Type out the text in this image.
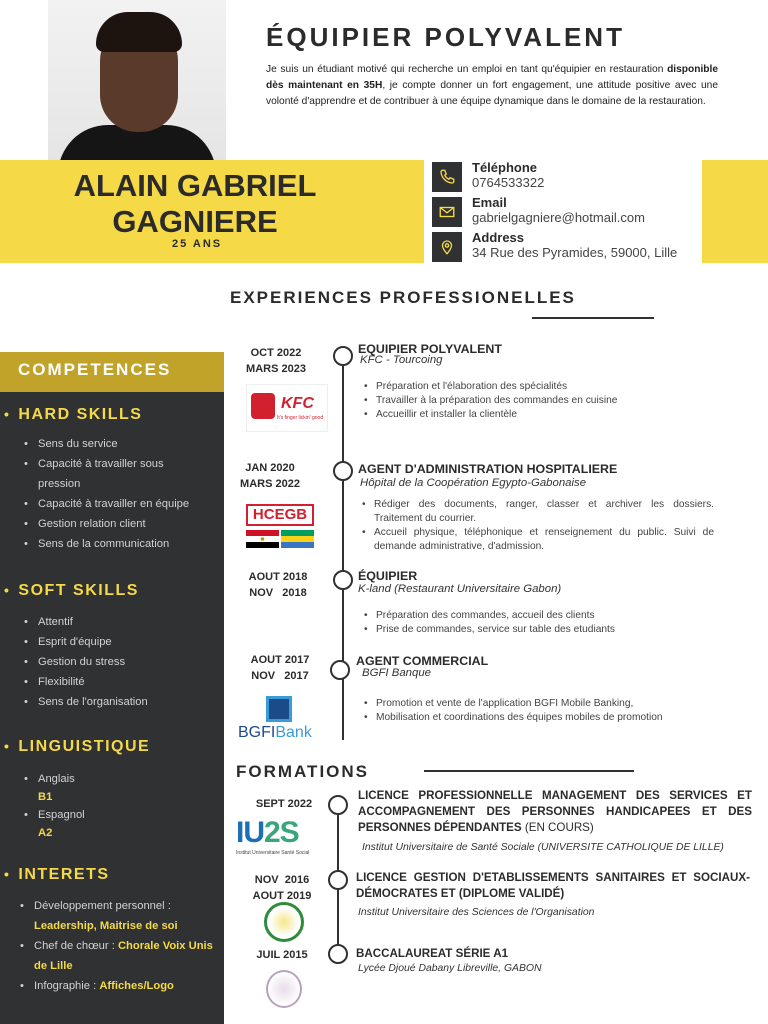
ÉQUIPIER POLYVALENT

Je suis un étudiant motivé qui recherche un emploi en tant qu'équipier en restauration disponible dès maintenant en 35H, je compte donner un fort engagement, une attitude positive avec une volonté d'apprendre et de contribuer à une équipe dynamique dans le domaine de la restauration.

ALAIN GABRIEL
GAGNIERE
25 ANS
Téléphone
0764533322
Email
gabrielgagniere@hotmail.com
Address
34 Rue des Pyramides, 59000, Lille
COMPETENCES
• HARD SKILLS
• Sens du service
• Capacité à travailler sous pression
• Capacité à travailler en équipe
• Gestion relation client
• Sens de la communication
• SOFT SKILLS
• Attentif
• Esprit d'équipe
• Gestion du stress
• Flexibilité
• Sens de l'organisation
• LINGUISTIQUE
• Anglais
B1
• Espagnol
A2
• INTERETS
• Développement personnel : Leadership, Maitrise de soi
• Chef de chœur : Chorale Voix Unis de Lille
• Infographie : Affiches/Logo
EXPERIENCES PROFESSIONELLES
OCT 2022
MARS 2023
EQUIPIER POLYVALENT
KFC - Tourcoing
• Préparation et l'élaboration des spécialités
• Travailler à la préparation des commandes en cuisine
• Accueillir et installer la clientèle
KFC
It's finger lickin' good
JAN 2020
MARS 2022
AGENT D'ADMINISTRATION HOSPITALIERE
Hôpital de la Coopération Egypto-Gabonaise
• Rédiger des documents, ranger, classer et archiver les dossiers. Traitement du courrier.
• Accueil physique, téléphonique et renseignement du public. Suivi de demande administrative, d'admission.
HCEGB
AOUT 2018
NOV   2018
ÉQUIPIER
K-land (Restaurant Universitaire Gabon)
• Préparation des commandes, accueil des clients
• Prise de commandes, service sur table des etudiants
AOUT 2017
NOV   2017
AGENT COMMERCIAL
BGFI Banque
• Promotion et vente de l'application BGFI Mobile Banking,
• Mobilisation et coordinations des équipes mobiles de promotion
BGFIBank
FORMATIONS
SEPT 2022
LICENCE PROFESSIONNELLE MANAGEMENT DES SERVICES ET ACCOMPAGNEMENT DES PERSONNES HANDICAPEES ET DES PERSONNES DÉPENDANTES (EN COURS)
Institut Universitaire de Santé Sociale (UNIVERSITE CATHOLIQUE DE LILLE)
IU2S
Institut Universitaire Santé Social
NOV  2016
AOUT 2019
LICENCE GESTION D'ETABLISSEMENTS SANITAIRES ET SOCIAUX-DÉMOCRATES ET (DIPLOME VALIDÉ)
Institut Universitaire des Sciences de l'Organisation
JUIL 2015	BACCALAUREAT SÉRIE A1
Lycée Djoué Dabany Libreville, GABON
